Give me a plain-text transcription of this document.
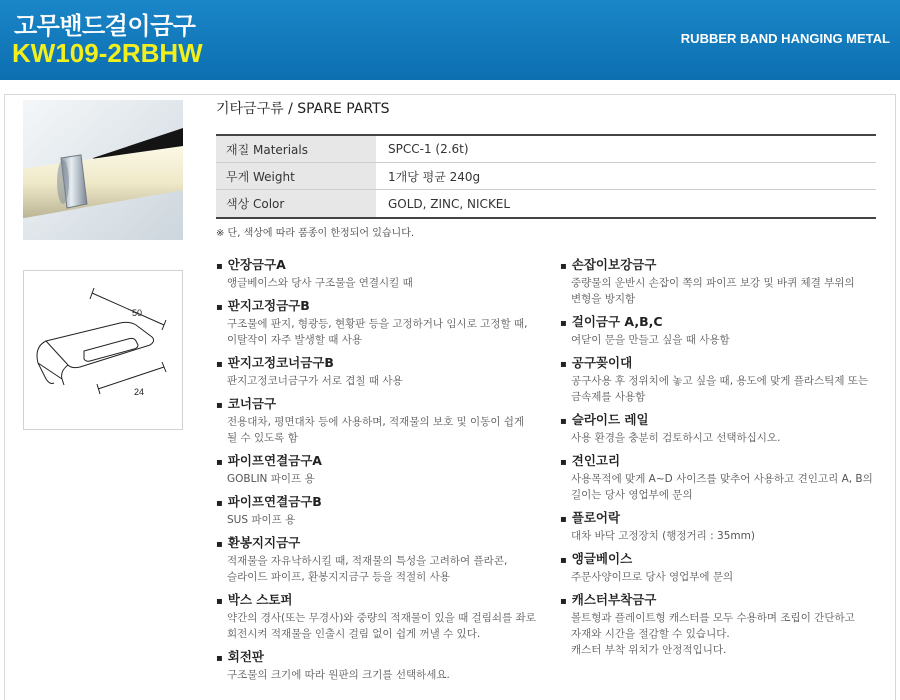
고무밴드걸이금구
KW109-2RBHW	RUBBER BAND HANGING METAL
50
24
기타금구류 / SPARE PARTS
재질 Materials	SPCC-1 (2.6t)
무게 Weight	1개당 평균 240g
색상 Color	GOLD, ZINC, NICKEL
※ 단, 색상에 따라 품종이 한정되어 있습니다.
▪ 안장금구A
앵글베이스와 당사 구조물을 연결시킬 때
▪ 판지고정금구B
구조물에 판지, 형광등, 현황판 등을 고정하거나 임시로 고정할 때,
이탈작이 자주 발생할 때 사용
▪ 판지고정코너금구B
판지고정코너금구가 서로 겹칠 때 사용
▪ 코너금구
전용대차, 평면대차 등에 사용하며, 적재물의 보호 및 이동이 쉽게
될 수 있도록 함
▪ 파이프연결금구A
GOBLIN 파이프 용
▪ 파이프연결금구B
SUS 파이프 용
▪ 환봉지지금구
적재물을 자유낙하시킬 때, 적재물의 특성을 고려하여 플라콘,
슬라이드 파이프, 환봉지지금구 등을 적절히 사용
▪ 박스 스토퍼
약간의 경사(또는 무경사)와 중량의 적재물이 있을 때 걸림쇠를 좌로
회전시켜 적재물을 인출시 걸림 없이 쉽게 꺼낼 수 있다.
▪ 회전판
구조물의 크기에 따라 원판의 크기를 선택하세요.
▪ 손잡이보강금구
중량물의 운반시 손잡이 쪽의 파이프 보강 및 바퀴 체결 부위의
변형을 방지함
▪ 걸이금구 A,B,C
여닫이 문을 만들고 싶을 때 사용함
▪ 공구꽂이대
공구사용 후 정위치에 놓고 싶을 때, 용도에 맞게 플라스틱제 또는
금속제를 사용함
▪ 슬라이드 레일
사용 환경을 충분히 검토하시고 선택하십시오.
▪ 견인고리
사용목적에 맞게 A~D 사이즈를 맞추어 사용하고 견인고리 A, B의
길이는 당사 영업부에 문의
▪ 플로어락
대차 바닥 고정장치 (행정거리 : 35mm)
▪ 앵글베이스
주문사양이므로 당사 영업부에 문의
▪ 캐스터부착금구
볼트형과 플레이트형 캐스터를 모두 수용하며 조립이 간단하고
자재와 시간을 절감할 수 있습니다.
캐스터 부착 위치가 안정적입니다.
